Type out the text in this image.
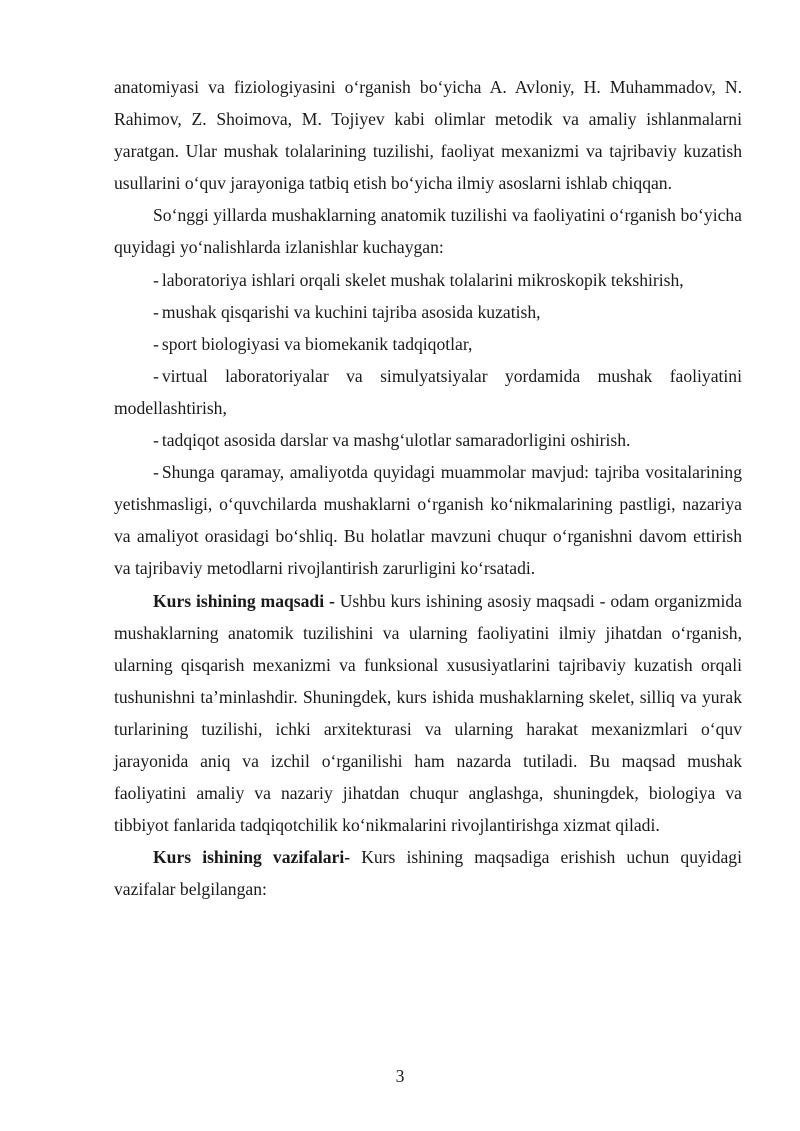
anatomiyasi va fiziologiyasini o‘rganish bo‘yicha A. Avloniy, H. Muhammadov, N. Rahimov, Z. Shoimova, M. Tojiyev kabi olimlar metodik va amaliy ishlanmalarni yaratgan. Ular mushak tolalarining tuzilishi, faoliyat mexanizmi va tajribaviy kuzatish usullarini o‘quv jarayoniga tatbiq etish bo‘yicha ilmiy asoslarni ishlab chiqqan.

So‘nggi yillarda mushaklarning anatomik tuzilishi va faoliyatini o‘rganish bo‘yicha quyidagi yo‘nalishlarda izlanishlar kuchaygan:

- laboratoriya ishlari orqali skelet mushak tolalarini mikroskopik tekshirish,

- mushak qisqarishi va kuchini tajriba asosida kuzatish,

- sport biologiyasi va biomekanik tadqiqotlar,

- virtual laboratoriyalar va simulyatsiyalar yordamida mushak faoliyatini modellashtirish,

- tadqiqot asosida darslar va mashg‘ulotlar samaradorligini oshirish.

- Shunga qaramay, amaliyotda quyidagi muammolar mavjud: tajriba vositalarining yetishmasligi, o‘quvchilarda mushaklarni o‘rganish ko‘nikmalarining pastligi, nazariya va amaliyot orasidagi bo‘shliq. Bu holatlar mavzuni chuqur o‘rganishni davom ettirish va tajribaviy metodlarni rivojlantirish zarurligini ko‘rsatadi.

Kurs ishining maqsadi - Ushbu kurs ishining asosiy maqsadi - odam organizmida mushaklarning anatomik tuzilishini va ularning faoliyatini ilmiy jihatdan o‘rganish, ularning qisqarish mexanizmi va funksional xususiyatlarini tajribaviy kuzatish orqali tushunishni ta’minlashdir. Shuningdek, kurs ishida mushaklarning skelet, silliq va yurak turlarining tuzilishi, ichki arxitekturasi va ularning harakat mexanizmlari o‘quv jarayonida aniq va izchil o‘rganilishi ham nazarda tutiladi. Bu maqsad mushak faoliyatini amaliy va nazariy jihatdan chuqur anglashga, shuningdek, biologiya va tibbiyot fanlarida tadqiqotchilik ko‘nikmalarini rivojlantirishga xizmat qiladi.

Kurs ishining vazifalari- Kurs ishining maqsadiga erishish uchun quyidagi vazifalar belgilangan:

3
